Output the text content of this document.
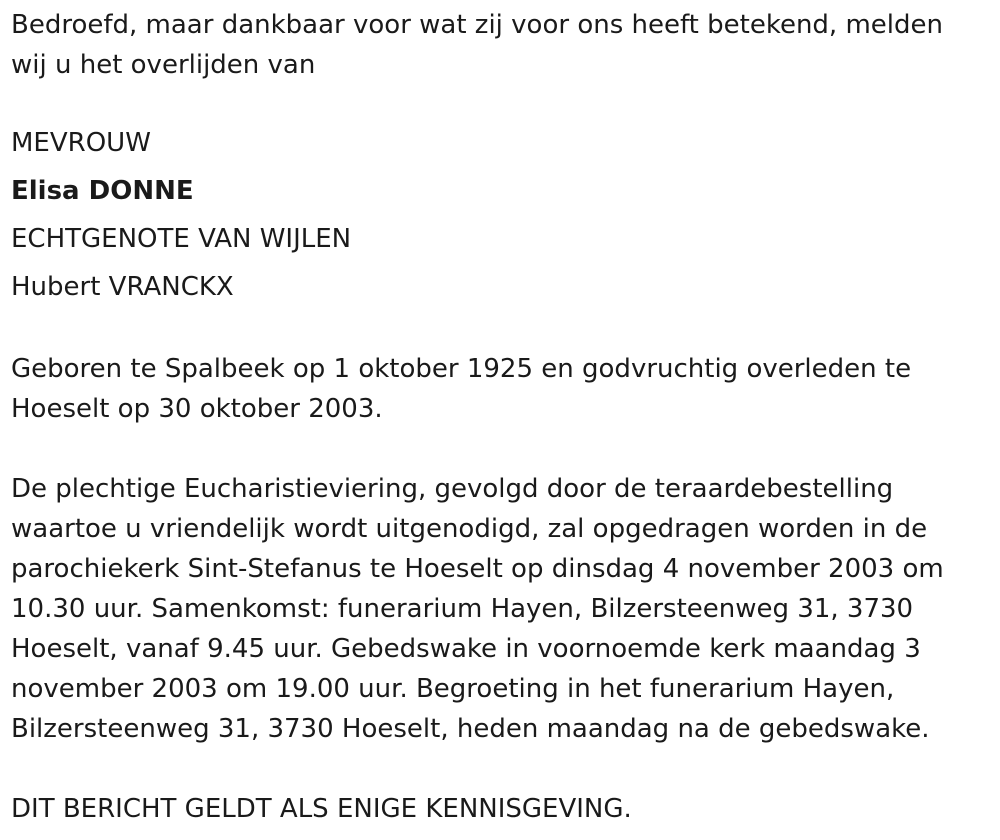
Bedroefd, maar dankbaar voor wat zij voor ons heeft betekend, melden
wij u het overlijden van

MEVROUW
Elisa DONNE
ECHTGENOTE VAN WIJLEN
Hubert VRANCKX

Geboren te Spalbeek op 1 oktober 1925 en godvruchtig overleden te
Hoeselt op 30 oktober 2003.

De plechtige Eucharistieviering, gevolgd door de teraardebestelling
waartoe u vriendelijk wordt uitgenodigd, zal opgedragen worden in de
parochiekerk Sint-Stefanus te Hoeselt op dinsdag 4 november 2003 om
10.30 uur. Samenkomst: funerarium Hayen, Bilzersteenweg 31, 3730
Hoeselt, vanaf 9.45 uur. Gebedswake in voornoemde kerk maandag 3
november 2003 om 19.00 uur. Begroeting in het funerarium Hayen,
Bilzersteenweg 31, 3730 Hoeselt, heden maandag na de gebedswake.

DIT BERICHT GELDT ALS ENIGE KENNISGEVING.
